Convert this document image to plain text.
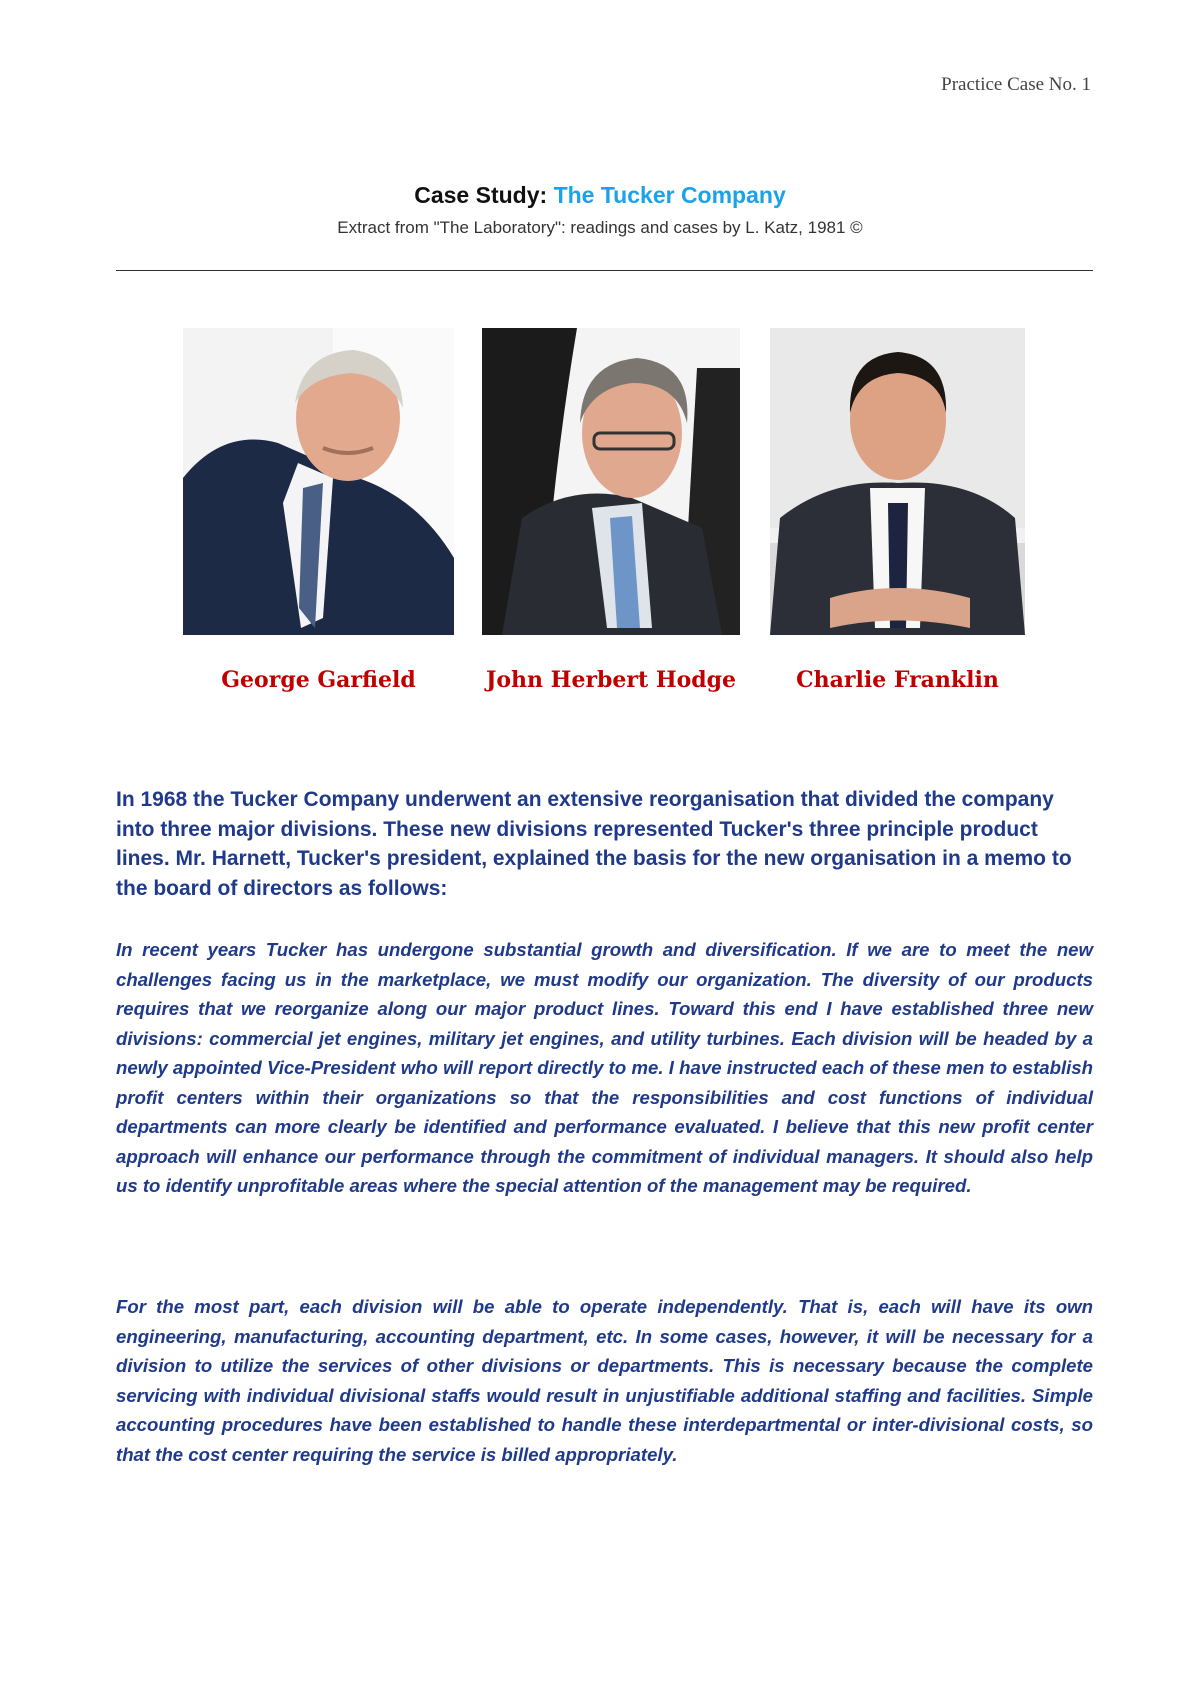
Practice Case No. 1
Case Study: The Tucker Company
Extract from "The Laboratory": readings and cases by L. Katz, 1981 ©
George Garfield	John Herbert Hodge	Charlie Franklin

In 1968 the Tucker Company underwent an extensive reorganisation that divided the company into three major divisions. These new divisions represented Tucker's three principle product lines. Mr. Harnett, Tucker's president, explained the basis for the new organisation in a memo to the board of directors as follows:

In recent years Tucker has undergone substantial growth and diversification. If we are to meet the new challenges facing us in the marketplace, we must modify our organization. The diversity of our products requires that we reorganize along our major product lines. Toward this end I have established three new divisions: commercial jet engines, military jet engines, and utility turbines. Each division will be headed by a newly appointed Vice-President who will report directly to me. I have instructed each of these men to establish profit centers within their organizations so that the responsibilities and cost functions of individual departments can more clearly be identified and performance evaluated. I believe that this new profit center approach will enhance our performance through the commitment of individual managers. It should also help us to identify unprofitable areas where the special attention of the management may be required.

For the most part, each division will be able to operate independently. That is, each will have its own engineering, manufacturing, accounting department, etc. In some cases, however, it will be necessary for a division to utilize the services of other divisions or departments. This is necessary because the complete servicing with individual divisional staffs would result in unjustifiable additional staffing and facilities. Simple accounting procedures have been established to handle these interdepartmental or inter-divisional costs, so that the cost center requiring the service is billed appropriately.
